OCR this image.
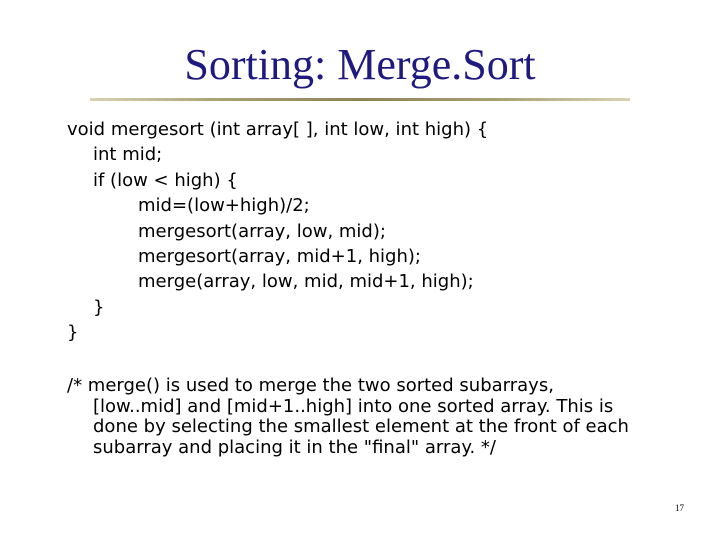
Sorting: Merge.Sort
void mergesort (int array[ ], int low, int high) {
int mid;
if (low < high) {
mid=(low+high)/2;
mergesort(array, low, mid);
mergesort(array, mid+1, high);
merge(array, low, mid, mid+1, high);
}
}
/* merge() is used to merge the two sorted subarrays,
[low..mid] and [mid+1..high] into one sorted array. This is
done by selecting the smallest element at the front of each
subarray and placing it in the "final" array. */
17
